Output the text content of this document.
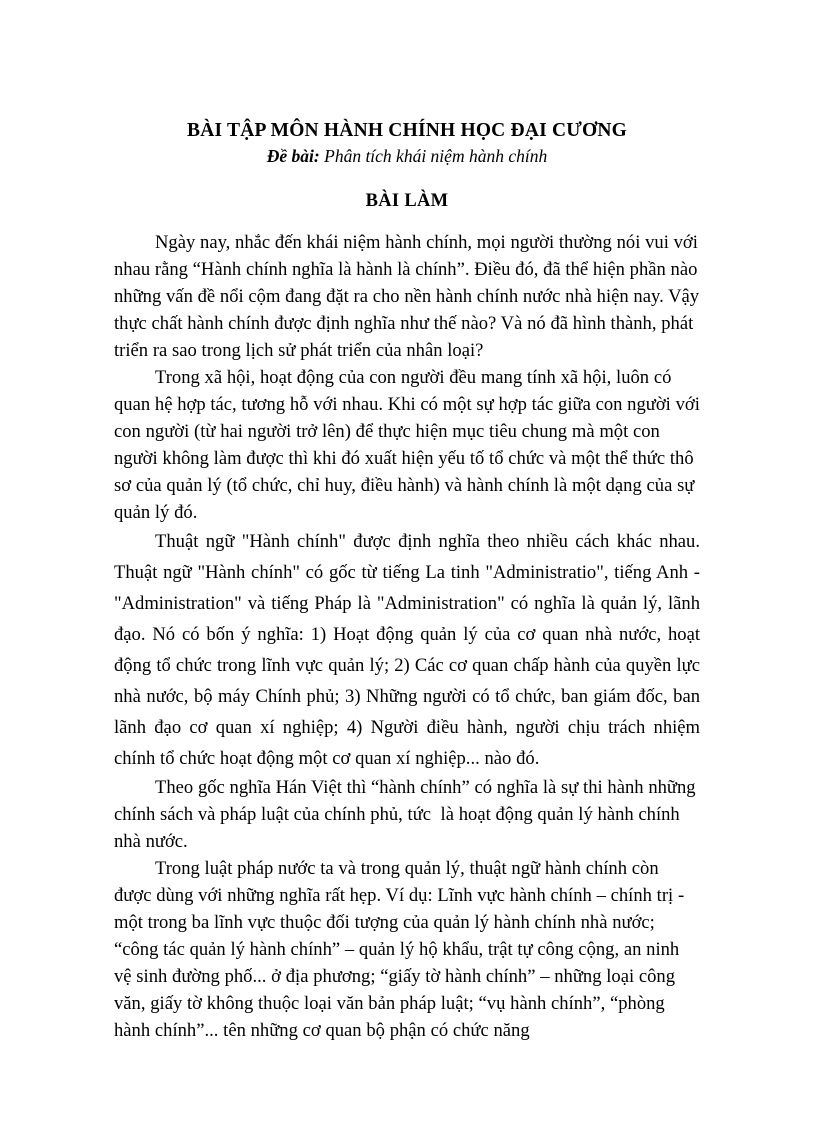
BÀI TẬP MÔN HÀNH CHÍNH HỌC ĐẠI CƯƠNG

Đề bài: Phân tích khái niệm hành chính

BÀI LÀM

Ngày nay, nhắc đến khái niệm hành chính, mọi người thường nói vui với nhau rằng “Hành chính nghĩa là hành là chính”. Điều đó, đã thể hiện phần nào những vấn đề nổi cộm đang đặt ra cho nền hành chính nước nhà hiện nay. Vậy thực chất hành chính được định nghĩa như thế nào? Và nó đã hình thành, phát triển ra sao trong lịch sử phát triển của nhân loại?

Trong xã hội, hoạt động của con người đều mang tính xã hội, luôn có quan hệ hợp tác, tương hỗ với nhau. Khi có một sự hợp tác giữa con người với con người (từ hai người trở lên) để thực hiện mục tiêu chung mà một con người không làm được thì khi đó xuất hiện yếu tố tổ chức và một thể thức thô sơ của quản lý (tổ chức, chỉ huy, điều hành) và hành chính là một dạng của sự quản lý đó.

Thuật ngữ "Hành chính" được định nghĩa theo nhiều cách khác nhau. Thuật ngữ "Hành chính" có gốc từ tiếng La tinh "Administratio", tiếng Anh - "Administration" và tiếng Pháp là "Administration" có nghĩa là quản lý, lãnh đạo. Nó có bốn ý nghĩa: 1) Hoạt động quản lý của cơ quan nhà nước, hoạt động tổ chức trong lĩnh vực quản lý; 2) Các cơ quan chấp hành của quyền lực nhà nước, bộ máy Chính phủ; 3) Những người có tổ chức, ban giám đốc, ban lãnh đạo cơ quan xí nghiệp; 4) Người điều hành, người chịu trách nhiệm chính tổ chức hoạt động một cơ quan xí nghiệp... nào đó.

Theo gốc nghĩa Hán Việt thì “hành chính” có nghĩa là sự thi hành những chính sách và pháp luật của chính phủ, tức  là hoạt động quản lý hành chính nhà nước.

Trong luật pháp nước ta và trong quản lý, thuật ngữ hành chính còn được dùng với những nghĩa rất hẹp. Ví dụ: Lĩnh vực hành chính – chính trị - một trong ba lĩnh vực thuộc đối tượng của quản lý hành chính nhà nước; “công tác quản lý hành chính” – quản lý hộ khẩu, trật tự công cộng, an ninh vệ sinh đường phố... ở địa phương; “giấy tờ hành chính” – những loại công văn, giấy tờ không thuộc loại văn bản pháp luật; “vụ hành chính”, “phòng hành chính”... tên những cơ quan bộ phận có chức năng
